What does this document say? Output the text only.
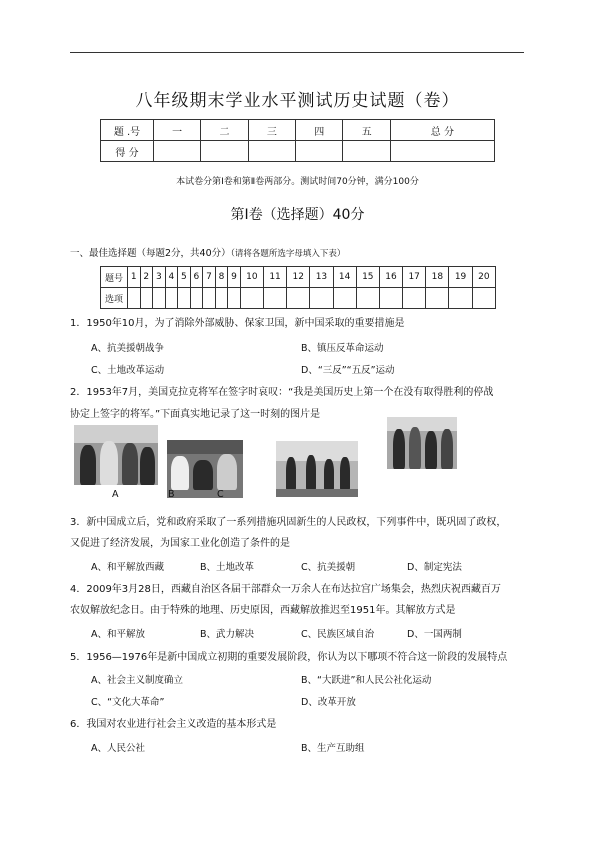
八年级期末学业水平测试历史试题（卷）
题 .号	一	二	三	四	五	总 分
得 分						
本试卷分第Ⅰ卷和第Ⅱ卷两部分。测试时间70分钟，满分100分
第Ⅰ卷（选择题）40分
一、最佳选择题（每题2分，共40分）（请将各题所选字母填入下表）
题号	1	2	3	4	5	6	7	8	9	10	11	12	13	14	15	16	17	18	19	20
选项																				
1．1950年10月，为了消除外部威胁、保家卫国，新中国采取的重要措施是
A、抗美援朝战争	B、镇压反革命运动
C、土地改革运动	D、“三反”“五反”运动
2．1953年7月，美国克拉克将军在签字时哀叹：“我是美国历史上第一个在没有取得胜利的停战
协定上签字的将军。”下面真实地记录了这一时刻的图片是
A	B	C
3．新中国成立后，党和政府采取了一系列措施巩固新生的人民政权，下列事件中，既巩固了政权，
又促进了经济发展，为国家工业化创造了条件的是
A、和平解放西藏	B、土地改革	C、抗美援朝	D、制定宪法
4．2009年3月28日，西藏自治区各届干部群众一万余人在布达拉宫广场集会，热烈庆祝西藏百万
农奴解放纪念日。由于特殊的地理、历史原因，西藏解放推迟至1951年。其解放方式是
A、和平解放	B、武力解决	C、民族区域自治	D、一国两制
5．1956—1976年是新中国成立初期的重要发展阶段，你认为以下哪项不符合这一阶段的发展特点
A、社会主义制度确立	B、“大跃进”和人民公社化运动
C、“文化大革命”	D、改革开放
6．我国对农业进行社会主义改造的基本形式是
A、人民公社	B、生产互助组
